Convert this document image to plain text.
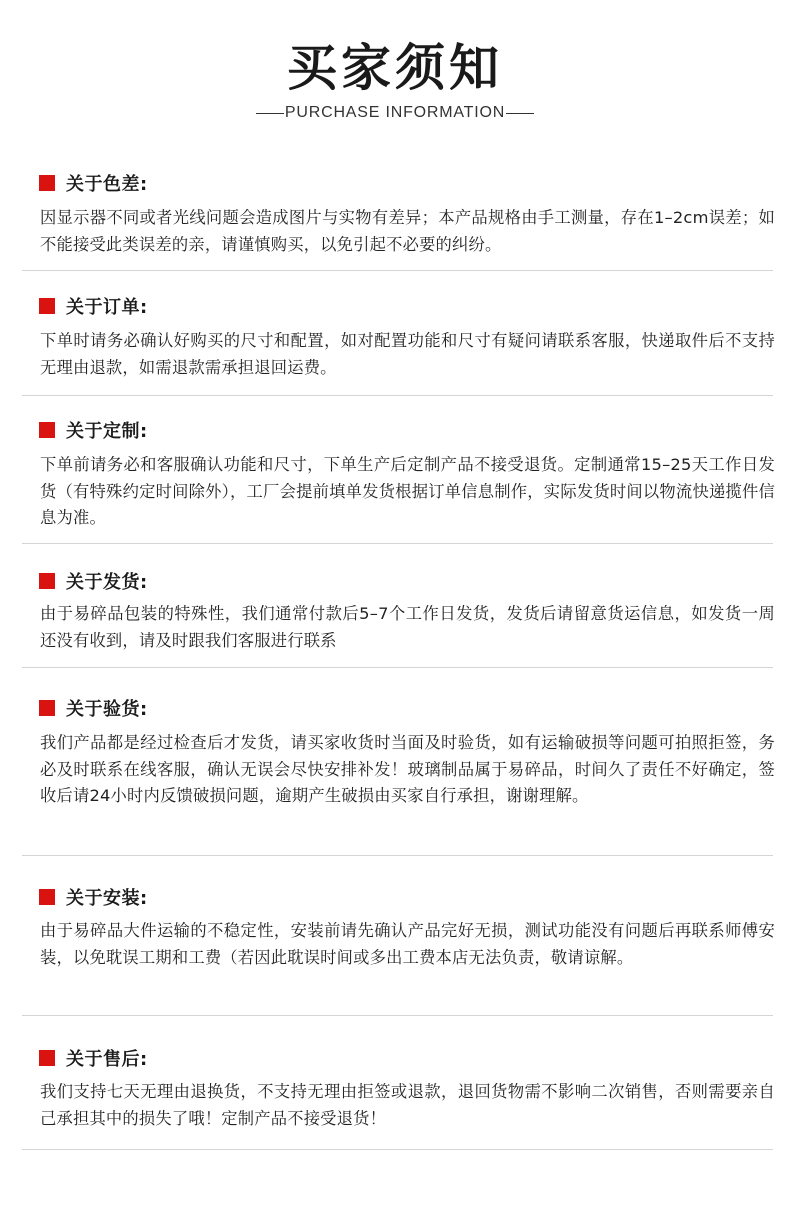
买家须知
PURCHASE INFORMATION
关于色差:
因显示器不同或者光线问题会造成图片与实物有差异；本产品规格由手工测量，存在1–2cm误差；如不能接受此类误差的亲，请谨慎购买，以免引起不必要的纠纷。
关于订单:
下单时请务必确认好购买的尺寸和配置，如对配置功能和尺寸有疑问请联系客服，快递取件后不支持无理由退款，如需退款需承担退回运费。
关于定制:
下单前请务必和客服确认功能和尺寸，下单生产后定制产品不接受退货。定制通常15–25天工作日发货（有特殊约定时间除外），工厂会提前填单发货根据订单信息制作，实际发货时间以物流快递揽件信息为准。
关于发货:
由于易碎品包装的特殊性，我们通常付款后5–7个工作日发货，发货后请留意货运信息，如发货一周还没有收到，请及时跟我们客服进行联系
关于验货:
我们产品都是经过检查后才发货，请买家收货时当面及时验货，如有运输破损等问题可拍照拒签，务必及时联系在线客服，确认无误会尽快安排补发！玻璃制品属于易碎品，时间久了责任不好确定，签收后请24小时内反馈破损问题，逾期产生破损由买家自行承担，谢谢理解。
关于安装:
由于易碎品大件运输的不稳定性，安装前请先确认产品完好无损，测试功能没有问题后再联系师傅安装，以免耽误工期和工费（若因此耽误时间或多出工费本店无法负责，敬请谅解。
关于售后:
我们支持七天无理由退换货，不支持无理由拒签或退款，退回货物需不影响二次销售，否则需要亲自己承担其中的损失了哦！定制产品不接受退货！
